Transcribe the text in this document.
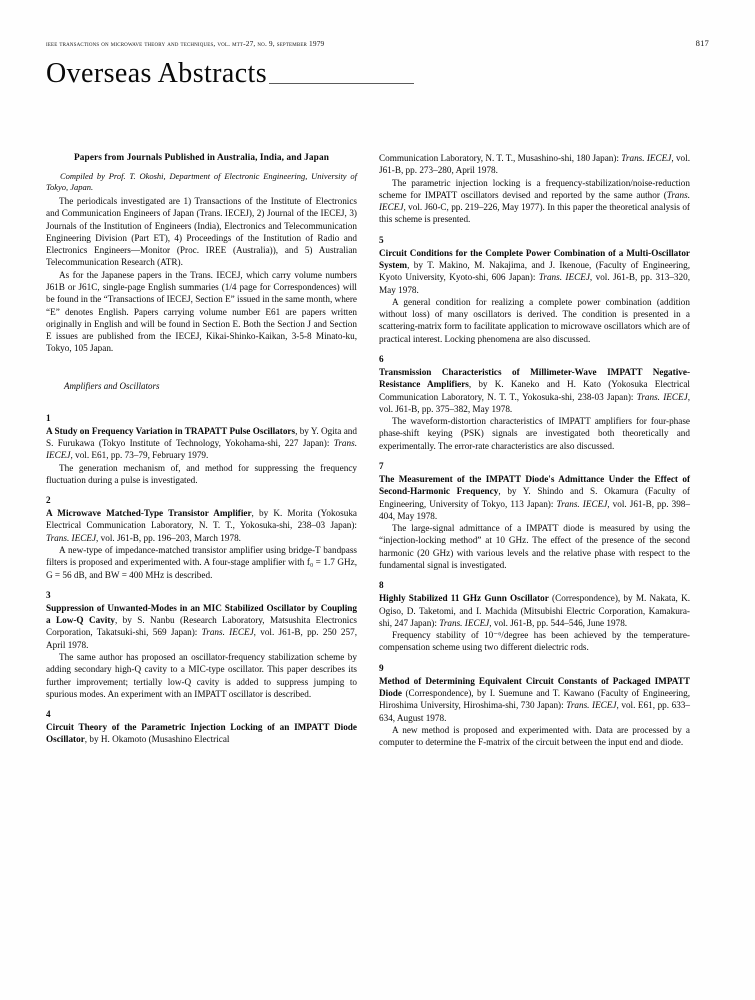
ieee transactions on microwave theory and techniques, vol. mtt-27, no. 9, september 1979	817
Overseas Abstracts
Papers from Journals Published in Australia, India, and Japan
Compiled by Prof. T. Okoshi, Department of Electronic Engineering, University of Tokyo, Japan.

The periodicals investigated are 1) Transactions of the Institute of Electronics and Communication Engineers of Japan (Trans. IECEJ), 2) Journal of the IECEJ, 3) Journals of the Institution of Engineers (India), Electronics and Telecommunication Engineering Division (Part ET), 4) Proceedings of the Institution of Radio and Electronics Engineers—Monitor (Proc. IREE (Australia)), and 5) Australian Telecommunication Research (ATR).

As for the Japanese papers in the Trans. IECEJ, which carry volume numbers J61B or J61C, single-page English summaries (1/4 page for Correspondences) will be found in the “Transactions of IECEJ, Section E” issued in the same month, where “E” denotes English. Papers carrying volume number E61 are papers written originally in English and will be found in Section E. Both the Section J and Section E issues are published from the IECEJ, Kikai-Shinko-Kaikan, 3-5-8 Minato-ku, Tokyo, 105 Japan.

Amplifiers and Oscillators
1

A Study on Frequency Variation in TRAPATT Pulse Oscillators, by Y. Ogita and S. Furukawa (Tokyo Institute of Technology, Yokohama-shi, 227 Japan): Trans. IECEJ, vol. E61, pp. 73–79, February 1979.

The generation mechanism of, and method for suppressing the frequency fluctuation during a pulse is investigated.

2

A Microwave Matched-Type Transistor Amplifier, by K. Morita (Yokosuka Electrical Communication Laboratory, N. T. T., Yokosuka-shi, 238–03 Japan): Trans. IECEJ, vol. J61-B, pp. 196–203, March 1978.

A new-type of impedance-matched transistor amplifier using bridge-T bandpass filters is proposed and experimented with. A four-stage amplifier with f₀ = 1.7 GHz, G = 56 dB, and BW = 400 MHz is described.

3

Suppression of Unwanted-Modes in an MIC Stabilized Oscillator by Coupling a Low-Q Cavity, by S. Nanbu (Research Laboratory, Matsushita Electronics Corporation, Takatsuki-shi, 569 Japan): Trans. IECEJ, vol. J61-B, pp. 250 257, April 1978.

The same author has proposed an oscillator-frequency stabilization scheme by adding secondary high-Q cavity to a MIC-type oscillator. This paper describes its further improvement; tertially low-Q cavity is added to suppress jumping to spurious modes. An experiment with an IMPATT oscillator is described.

4

Circuit Theory of the Parametric Injection Locking of an IMPATT Diode Oscillator, by H. Okamoto (Musashino Electrical

Communication Laboratory, N. T. T., Musashino-shi, 180 Japan): Trans. IECEJ, vol. J61-B, pp. 273–280, April 1978.

The parametric injection locking is a frequency-stabilization/noise-reduction scheme for IMPATT oscillators devised and reported by the same author (Trans. IECEJ, vol. J60-C, pp. 219–226, May 1977). In this paper the theoretical analysis of this scheme is presented.

5

Circuit Conditions for the Complete Power Combination of a Multi-Oscillator System, by T. Makino, M. Nakajima, and J. Ikenoue, (Faculty of Engineering, Kyoto University, Kyoto-shi, 606 Japan): Trans. IECEJ, vol. J61-B, pp. 313–320, May 1978.

A general condition for realizing a complete power combination (addition without loss) of many oscillators is derived. The condition is presented in a scattering-matrix form to facilitate application to microwave oscillators which are of practical interest. Locking phenomena are also discussed.

6

Transmission Characteristics of Millimeter-Wave IMPATT Negative-Resistance Amplifiers, by K. Kaneko and H. Kato (Yokosuka Electrical Communication Laboratory, N. T. T., Yokosuka-shi, 238-03 Japan): Trans. IECEJ, vol. J61-B, pp. 375–382, May 1978.

The waveform-distortion characteristics of IMPATT amplifiers for four-phase phase-shift keying (PSK) signals are investigated both theoretically and experimentally. The error-rate characteristics are also discussed.

7

The Measurement of the IMPATT Diode's Admittance Under the Effect of Second-Harmonic Frequency, by Y. Shindo and S. Okamura (Faculty of Engineering, University of Tokyo, 113 Japan): Trans. IECEJ, vol. J61-B, pp. 398–404, May 1978.

The large-signal admittance of a IMPATT diode is measured by using the “injection-locking method” at 10 GHz. The effect of the presence of the second harmonic (20 GHz) with various levels and the relative phase with respect to the fundamental signal is investigated.

8

Highly Stabilized 11 GHz Gunn Oscillator (Correspondence), by M. Nakata, K. Ogiso, D. Taketomi, and I. Machida (Mitsubishi Electric Corporation, Kamakura-shi, 247 Japan): Trans. IECEJ, vol. J61-B, pp. 544–546, June 1978.

Frequency stability of 10⁻⁶/degree has been achieved by the temperature-compensation scheme using two different dielectric rods.

9

Method of Determining Equivalent Circuit Constants of Packaged IMPATT Diode (Correspondence), by I. Suemune and T. Kawano (Faculty of Engineering, Hiroshima University, Hiroshima-shi, 730 Japan): Trans. IECEJ, vol. E61, pp. 633–634, August 1978.

A new method is proposed and experimented with. Data are processed by a computer to determine the F-matrix of the circuit between the input end and diode.
